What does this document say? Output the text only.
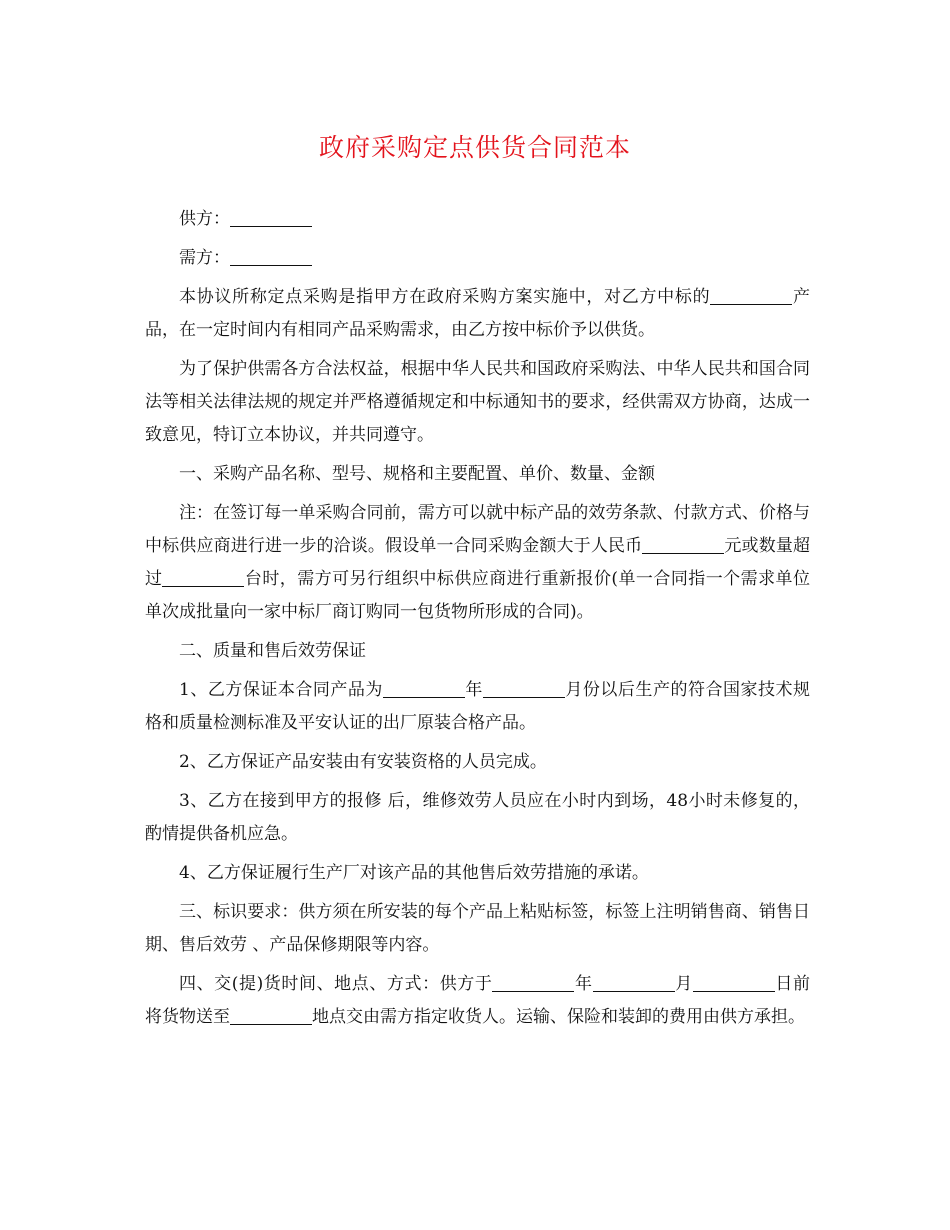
政府采购定点供货合同范本

供方：

需方：

本协议所称定点采购是指甲方在政府采购方案实施中，对乙方中标的	产品，在一定时间内有相同产品采购需求，由乙方按中标价予以供货。

为了保护供需各方合法权益，根据中华人民共和国政府采购法、中华人民共和国合同法等相关法律法规的规定并严格遵循规定和中标通知书的要求，经供需双方协商，达成一致意见，特订立本协议，并共同遵守。

一、采购产品名称、型号、规格和主要配置、单价、数量、金额

注：在签订每一单采购合同前，需方可以就中标产品的效劳条款、付款方式、价格与中标供应商进行进一步的洽谈。假设单一合同采购金额大于人民币	元或数量超过	台时，需方可另行组织中标供应商进行重新报价(单一合同指一个需求单位单次成批量向一家中标厂商订购同一包货物所形成的合同)。

二、质量和售后效劳保证

1、乙方保证本合同产品为	年	月份以后生产的符合国家技术规格和质量检测标准及平安认证的出厂原装合格产品。

2、乙方保证产品安装由有安装资格的人员完成。

3、乙方在接到甲方的报修 后，维修效劳人员应在小时内到场，48小时未修复的，酌情提供备机应急。

4、乙方保证履行生产厂对该产品的其他售后效劳措施的承诺。

三、标识要求：供方须在所安装的每个产品上粘贴标签，标签上注明销售商、销售日期、售后效劳 、产品保修期限等内容。

四、交(提)货时间、地点、方式：供方于	年	月	日前将货物送至	地点交由需方指定收货人。运输、保险和装卸的费用由供方承担。
